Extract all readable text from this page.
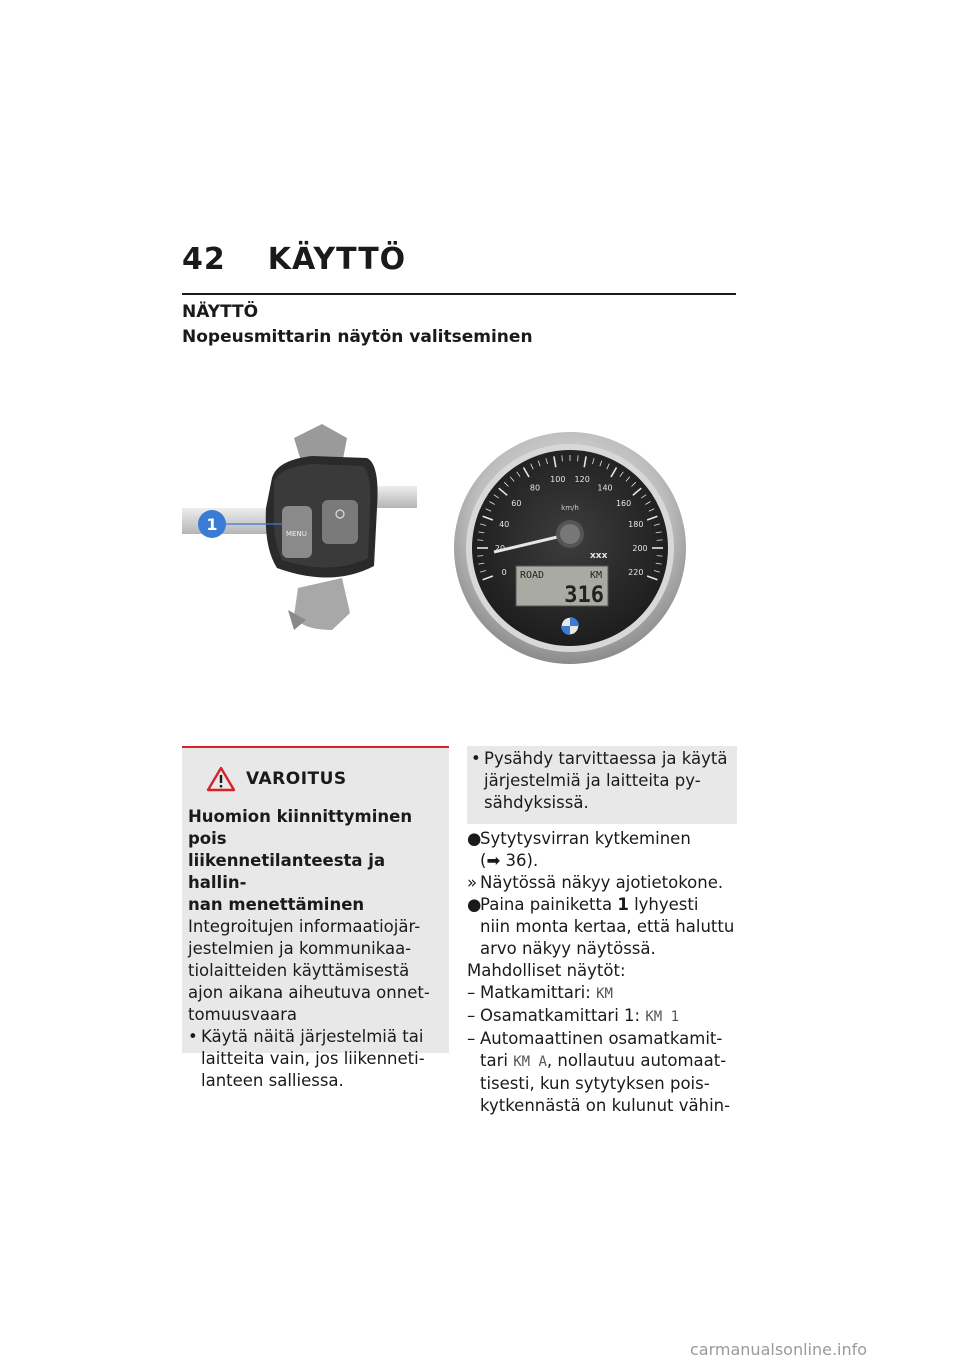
42 KÄYTTÖ
NÄYTTÖ
Nopeusmittarin näytön valitseminen
MENU
1
0
20
40
60
80
100 120
140
160
180
200
220
km/h
xxx
ROAD	KM
316
VAROITUS
Huomion kiinnittyminen pois
liikennetilanteesta ja hallin-
nan menettäminen
Integroitujen informaatiojär-
jestelmien ja kommunikaa-
tiolaitteiden käyttämisestä
ajon aikana aiheutuva onnet-
tomuusvaara
• Käytä näitä järjestelmiä tai
laitteita vain, jos liikenneti-
lanteen salliessa.
• Pysähdy tarvittaessa ja käytä
järjestelmiä ja laitteita py-
sähdyksissä.
●
Sytytysvirran kytkeminen
(➡ 36).
» Näytössä näkyy ajotietokone.
●
Paina painiketta 1 lyhyesti
niin monta kertaa, että haluttu
arvo näkyy näytössä.
Mahdolliset näytöt:
– Matkamittari: KM
– Osamatkamittari 1: KM 1
– Automaattinen osamatkamit-
tari KM A, nollautuu automaat-
tisesti, kun sytytyksen pois-
kytkennästä on kulunut vähin-
carmanualsonline.info
